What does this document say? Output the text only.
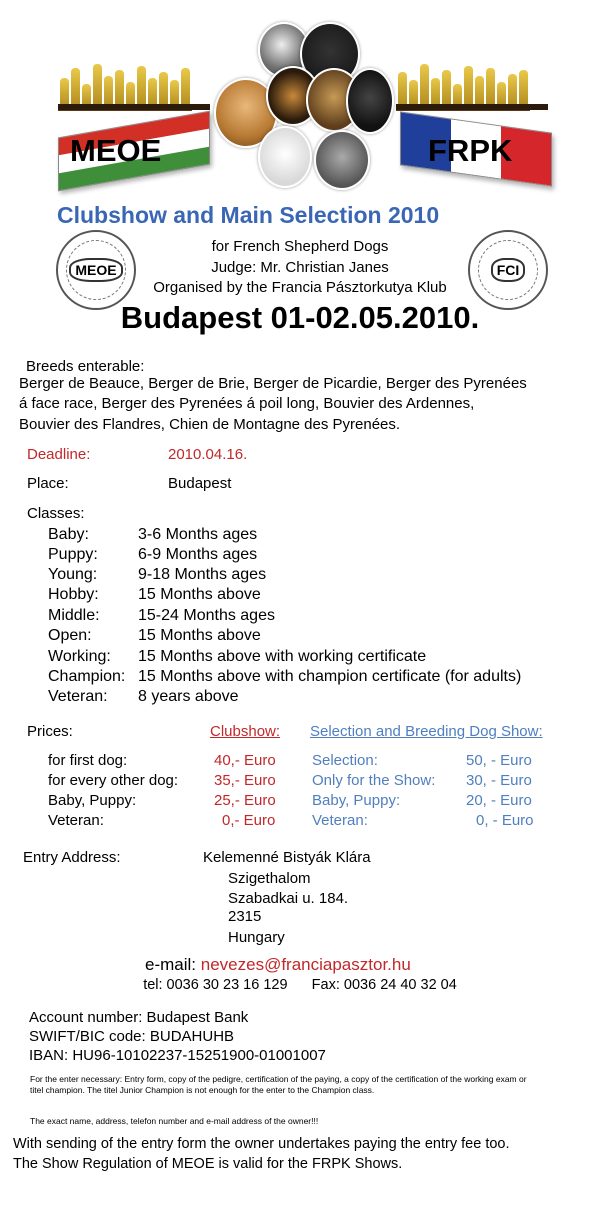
MEOE	FRPK
Clubshow and Main Selection 2010
MEOE	FCI
for French Shepherd Dogs
Judge: Mr. Christian Janes
Organised by the Francia Pásztorkutya Klub
Budapest 01-02.05.2010.
Breeds enterable:
Berger de Beauce, Berger de Brie, Berger de Picardie, Berger des Pyrenées
á face race, Berger des Pyrenées á poil long, Bouvier des Ardennes,
Bouvier des Flandres, Chien de Montagne des Pyrenées.
Deadline:	2010.04.16.
Place:	Budapest
Classes:
Baby:	3-6 Months ages
Puppy:	6-9 Months ages
Young:	9-18 Months ages
Hobby: 15 Months above
Middle: 15-24 Months ages
Open:	15 Months above
Working: 15 Months above with working certificate
Champion: 15 Months above with champion certificate (for adults)
Veteran: 8 years above
Prices:	Clubshow: Selection and Breeding Dog Show:
for first dog:	40,- Euro Selection:	50, - Euro
for every other dog: 35,- Euro Only for the Show: 30, - Euro
Baby, Puppy:	25,- Euro Baby, Puppy:	20, - Euro
Veteran:	0,- Euro Veteran:	0, - Euro
Entry Address:	Kelemenné Bistyák Klára
Szigethalom
Szabadkai u. 184.
2315
Hungary
e-mail: nevezes@franciapasztor.hu
tel: 0036 30 23 16 129      Fax: 0036 24 40 32 04
Account number: Budapest Bank
SWIFT/BIC code: BUDAHUHB
IBAN: HU96-10102237-15251900-01001007
For the enter necessary: Entry form, copy of the pedigre, certification of the paying, a copy of the certification of the working exam or titel champion. The titel Junior Champion is not enough for the enter to the Champion class.
The exact name, address, telefon number and e-mail address of the owner!!!
With sending of the entry form the owner undertakes paying the entry fee too.
The Show Regulation of MEOE is valid for the FRPK Shows.
